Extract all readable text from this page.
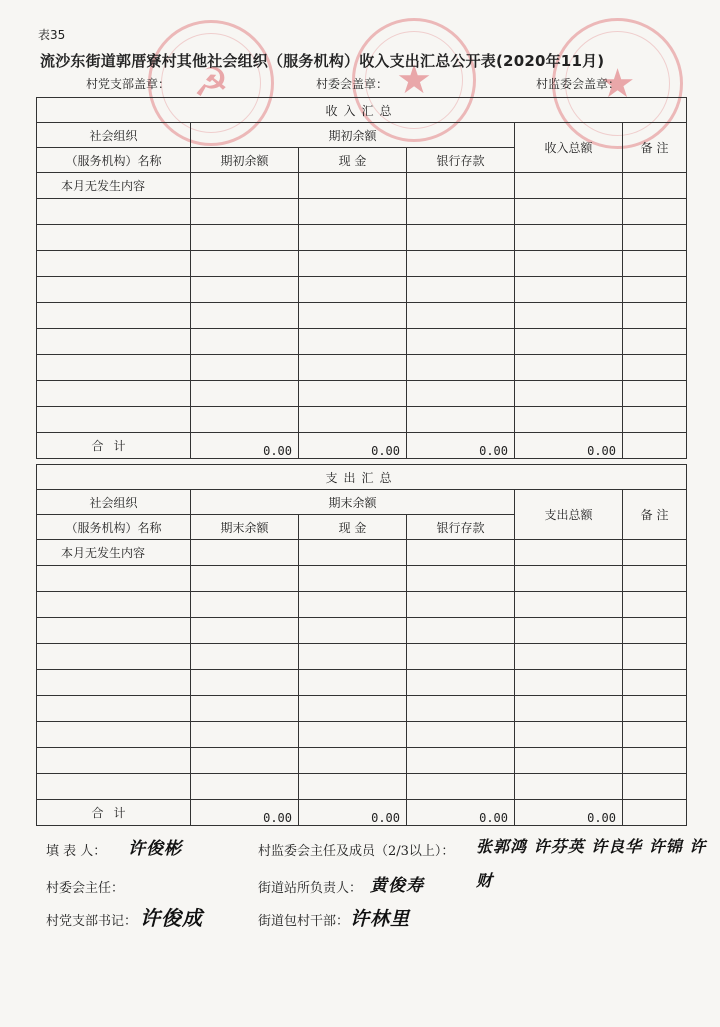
☭	★	★
表35
流沙东街道郭厝寮村其他社会组织（服务机构）收入支出汇总公开表(2020年11月)
村党支部盖章：	村委会盖章：	村监委会盖章：
收入汇总					
社会组织	期初余额			收入总额	备 注
（服务机构）名称	期初余额	现 金	银行存款		
本月无发生内容					

合计	0.00	0.00	0.00	0.00	
支出汇总					
社会组织	期末余额			支出总额	备 注
（服务机构）名称	期末余额	现 金	银行存款		
本月无发生内容					

合计	0.00	0.00	0.00	0.00	
填 表 人： 许俊彬	村监委会主任及成员（2/3以上）： 张郭鸿 许芬英 许良华 许锦 许财
村委会主任：	街道站所负责人： 黄俊寿
村党支部书记： 许俊成	街道包村干部： 许林里
